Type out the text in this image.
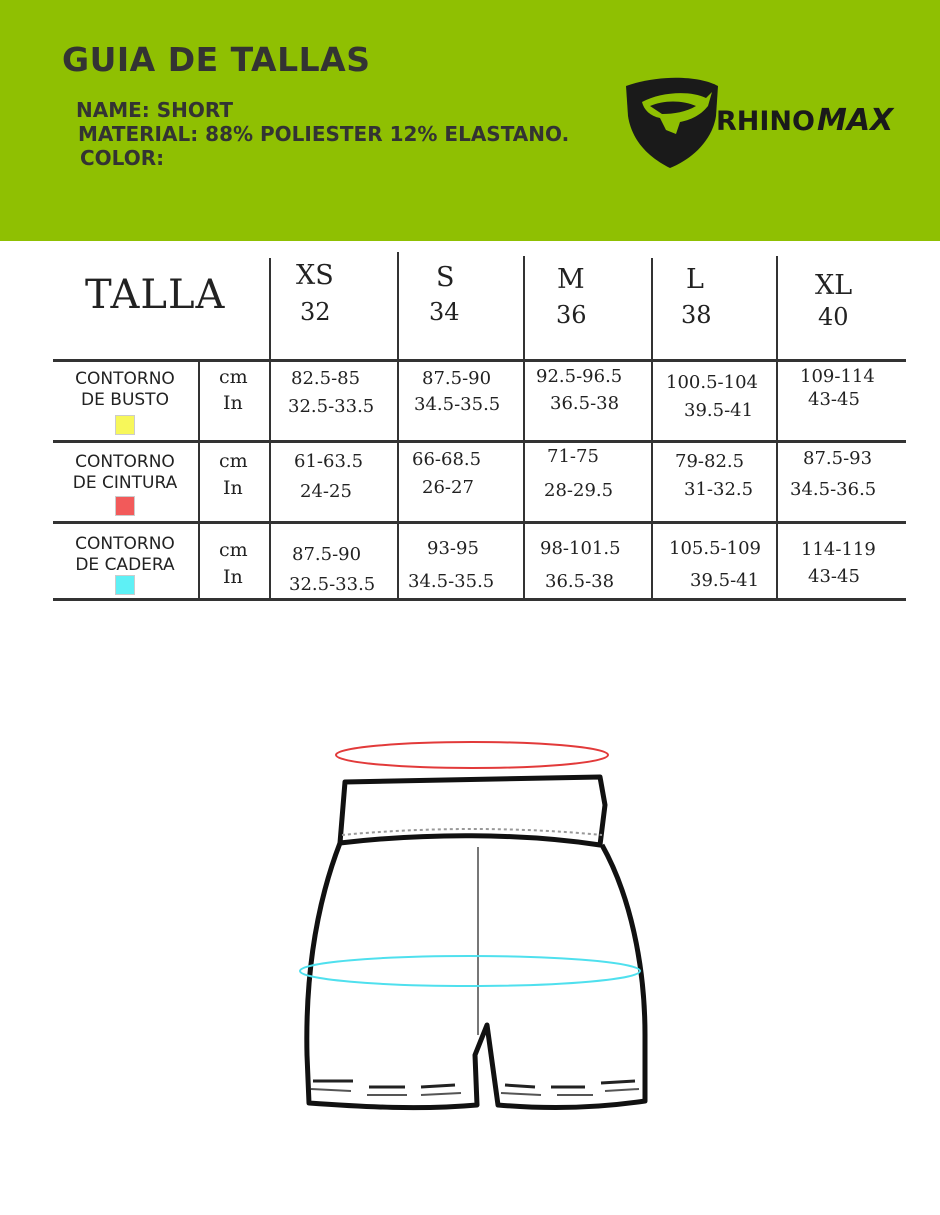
GUIA DE TALLAS
NAME: SHORT
MATERIAL: 88% POLIESTER 12% ELASTANO.
COLOR:
RHINO MAX
TALLA	XS
32
S
34
M
36
L
38
XL
40
CONTORNO
DE BUSTO
cm
In
82.5-85
32.5-33.5
87.5-90
34.5-35.5
92.5-96.5
36.5-38
100.5-104
39.5-41
109-114
43-45
CONTORNO
DE CINTURA
cm
In
61-63.5
24-25
66-68.5
26-27
71-75
28-29.5
79-82.5
31-32.5
87.5-93
34.5-36.5
CONTORNO
DE CADERA
cm
In
87.5-90
32.5-33.5
93-95
34.5-35.5
98-101.5
36.5-38
105.5-109
39.5-41
114-119
43-45
